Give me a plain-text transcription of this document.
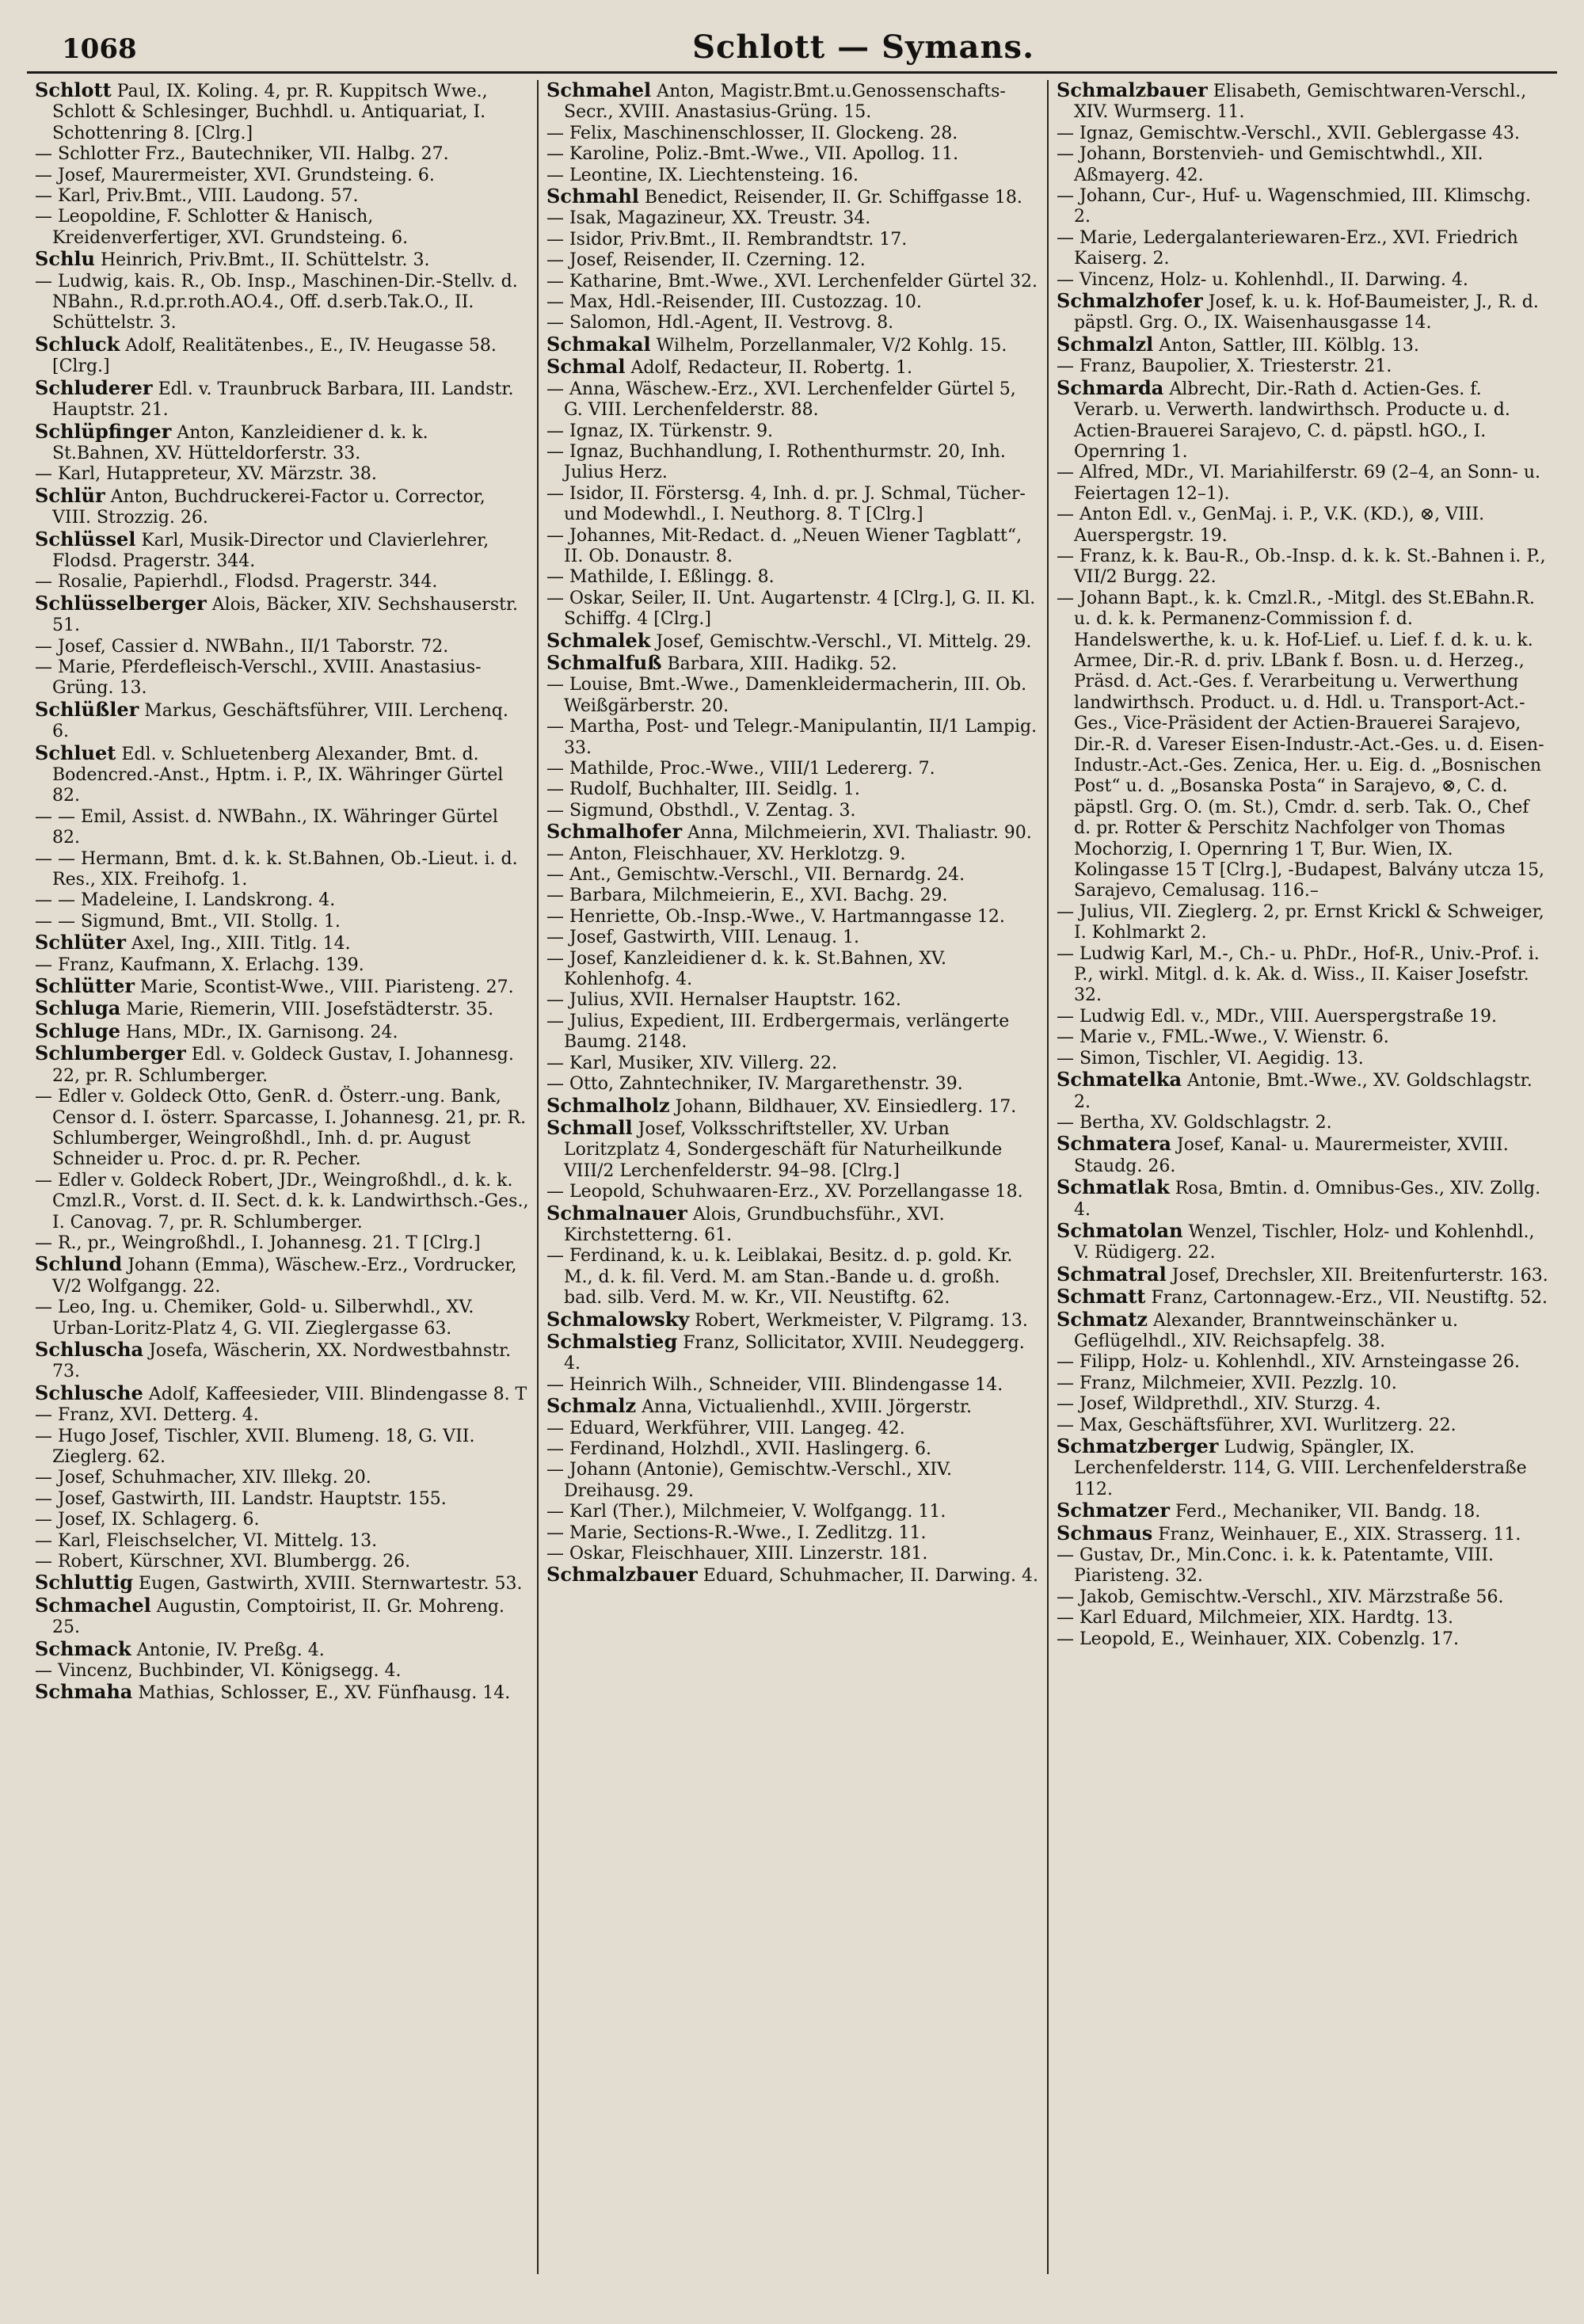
1068	Schlott — Symans.

Schlott Paul, IX. Koling. 4, pr. R. Kuppitsch Wwe., Schlott & Schlesinger, Buchhdl. u. Antiquariat, I. Schottenring 8. [Clrg.]

— Schlotter Frz., Bautechniker, VII. Halbg. 27.

— Josef, Maurermeister, XVI. Grundsteing. 6.

— Karl, Priv.Bmt., VIII. Laudong. 57.

— Leopoldine, F. Schlotter & Hanisch, Kreidenverfertiger, XVI. Grundsteing. 6.

Schlu Heinrich, Priv.Bmt., II. Schüttelstr. 3.

— Ludwig, kais. R., Ob. Insp., Maschinen-Dir.-Stellv. d. NBahn., R.d.pr.roth.AO.4., Off. d.serb.Tak.O., II. Schüttelstr. 3.

Schluck Adolf, Realitätenbes., E., IV. Heugasse 58. [Clrg.]

Schluderer Edl. v. Traunbruck Barbara, III. Landstr. Hauptstr. 21.

Schlüpfinger Anton, Kanzleidiener d. k. k. St.Bahnen, XV. Hütteldorferstr. 33.

— Karl, Hutappreteur, XV. Märzstr. 38.

Schlür Anton, Buchdruckerei-Factor u. Corrector, VIII. Strozzig. 26.

Schlüssel Karl, Musik-Director und Clavierlehrer, Flodsd. Pragerstr. 344.

— Rosalie, Papierhdl., Flodsd. Pragerstr. 344.

Schlüsselberger Alois, Bäcker, XIV. Sechshauserstr. 51.

— Josef, Cassier d. NWBahn., II/1 Taborstr. 72.

— Marie, Pferdefleisch-Verschl., XVIII. Anastasius-Grüng. 13.

Schlüßler Markus, Geschäftsführer, VIII. Lerchenq. 6.

Schluet Edl. v. Schluetenberg Alexander, Bmt. d. Bodencred.-Anst., Hptm. i. P., IX. Währinger Gürtel 82.

— — Emil, Assist. d. NWBahn., IX. Währinger Gürtel 82.

— — Hermann, Bmt. d. k. k. St.Bahnen, Ob.-Lieut. i. d. Res., XIX. Freihofg. 1.

— — Madeleine, I. Landskrong. 4.

— — Sigmund, Bmt., VII. Stollg. 1.

Schlüter Axel, Ing., XIII. Titlg. 14.

— Franz, Kaufmann, X. Erlachg. 139.

Schlütter Marie, Scontist-Wwe., VIII. Piaristeng. 27.

Schluga Marie, Riemerin, VIII. Josefstädterstr. 35.

Schluge Hans, MDr., IX. Garnisong. 24.

Schlumberger Edl. v. Goldeck Gustav, I. Johannesg. 22, pr. R. Schlumberger.

— Edler v. Goldeck Otto, GenR. d. Österr.-ung. Bank, Censor d. I. österr. Sparcasse, I. Johannesg. 21, pr. R. Schlumberger, Weingroßhdl., Inh. d. pr. August Schneider u. Proc. d. pr. R. Pecher.

— Edler v. Goldeck Robert, JDr., Weingroßhdl., d. k. k. Cmzl.R., Vorst. d. II. Sect. d. k. k. Landwirthsch.-Ges., I. Canovag. 7, pr. R. Schlumberger.

— R., pr., Weingroßhdl., I. Johannesg. 21. T [Clrg.]

Schlund Johann (Emma), Wäschew.-Erz., Vordrucker, V/2 Wolfgangg. 22.

— Leo, Ing. u. Chemiker, Gold- u. Silberwhdl., XV. Urban-Loritz-Platz 4, G. VII. Zieglergasse 63.

Schluscha Josefa, Wäscherin, XX. Nordwestbahnstr. 73.

Schlusche Adolf, Kaffeesieder, VIII. Blindengasse 8. T

— Franz, XVI. Detterg. 4.

— Hugo Josef, Tischler, XVII. Blumeng. 18, G. VII. Zieglerg. 62.

— Josef, Schuhmacher, XIV. Illekg. 20.

— Josef, Gastwirth, III. Landstr. Hauptstr. 155.

— Josef, IX. Schlagerg. 6.

— Karl, Fleischselcher, VI. Mittelg. 13.

— Robert, Kürschner, XVI. Blumbergg. 26.

Schluttig Eugen, Gastwirth, XVIII. Sternwartestr. 53.

Schmachel Augustin, Comptoirist, II. Gr. Mohreng. 25.

Schmack Antonie, IV. Preßg. 4.

— Vincenz, Buchbinder, VI. Königsegg. 4.

Schmaha Mathias, Schlosser, E., XV. Fünfhausg. 14.

Schmahel Anton, Magistr.Bmt.u.Genossenschafts-Secr., XVIII. Anastasius-Grüng. 15.

— Felix, Maschinenschlosser, II. Glockeng. 28.

— Karoline, Poliz.-Bmt.-Wwe., VII. Apollog. 11.

— Leontine, IX. Liechtensteing. 16.

Schmahl Benedict, Reisender, II. Gr. Schiffgasse 18.

— Isak, Magazineur, XX. Treustr. 34.

— Isidor, Priv.Bmt., II. Rembrandtstr. 17.

— Josef, Reisender, II. Czerning. 12.

— Katharine, Bmt.-Wwe., XVI. Lerchenfelder Gürtel 32.

— Max, Hdl.-Reisender, III. Custozzag. 10.

— Salomon, Hdl.-Agent, II. Vestrovg. 8.

Schmakal Wilhelm, Porzellanmaler, V/2 Kohlg. 15.

Schmal Adolf, Redacteur, II. Robertg. 1.

— Anna, Wäschew.-Erz., XVI. Lerchenfelder Gürtel 5, G. VIII. Lerchenfelderstr. 88.

— Ignaz, IX. Türkenstr. 9.

— Ignaz, Buchhandlung, I. Rothenthurmstr. 20, Inh. Julius Herz.

— Isidor, II. Förstersg. 4, Inh. d. pr. J. Schmal, Tücher- und Modewhdl., I. Neuthorg. 8. T [Clrg.]

— Johannes, Mit-Redact. d. „Neuen Wiener Tagblatt“, II. Ob. Donaustr. 8.

— Mathilde, I. Eßlingg. 8.

— Oskar, Seiler, II. Unt. Augartenstr. 4 [Clrg.], G. II. Kl. Schiffg. 4 [Clrg.]

Schmalek Josef, Gemischtw.-Verschl., VI. Mittelg. 29.

Schmalfuß Barbara, XIII. Hadikg. 52.

— Louise, Bmt.-Wwe., Damenkleidermacherin, III. Ob. Weißgärberstr. 20.

— Martha, Post- und Telegr.-Manipulantin, II/1 Lampig. 33.

— Mathilde, Proc.-Wwe., VIII/1 Ledererg. 7.

— Rudolf, Buchhalter, III. Seidlg. 1.

— Sigmund, Obsthdl., V. Zentag. 3.

Schmalhofer Anna, Milchmeierin, XVI. Thaliastr. 90.

— Anton, Fleischhauer, XV. Herklotzg. 9.

— Ant., Gemischtw.-Verschl., VII. Bernardg. 24.

— Barbara, Milchmeierin, E., XVI. Bachg. 29.

— Henriette, Ob.-Insp.-Wwe., V. Hartmanngasse 12.

— Josef, Gastwirth, VIII. Lenaug. 1.

— Josef, Kanzleidiener d. k. k. St.Bahnen, XV. Kohlenhofg. 4.

— Julius, XVII. Hernalser Hauptstr. 162.

— Julius, Expedient, III. Erdbergermais, verlängerte Baumg. 2148.

— Karl, Musiker, XIV. Villerg. 22.

— Otto, Zahntechniker, IV. Margarethenstr. 39.

Schmalholz Johann, Bildhauer, XV. Einsiedlerg. 17.

Schmall Josef, Volksschriftsteller, XV. Urban Loritzplatz 4, Sondergeschäft für Naturheilkunde VIII/2 Lerchenfelderstr. 94–98. [Clrg.]

— Leopold, Schuhwaaren-Erz., XV. Porzellangasse 18.

Schmalnauer Alois, Grundbuchsführ., XVI. Kirchstetterng. 61.

— Ferdinand, k. u. k. Leiblakai, Besitz. d. p. gold. Kr. M., d. k. fil. Verd. M. am Stan.-Bande u. d. großh. bad. silb. Verd. M. w. Kr., VII. Neustiftg. 62.

Schmalowsky Robert, Werkmeister, V. Pilgramg. 13.

Schmalstieg Franz, Sollicitator, XVIII. Neudeggerg. 4.

— Heinrich Wilh., Schneider, VIII. Blindengasse 14.

Schmalz Anna, Victualienhdl., XVIII. Jörgerstr.

— Eduard, Werkführer, VIII. Langeg. 42.

— Ferdinand, Holzhdl., XVII. Haslingerg. 6.

— Johann (Antonie), Gemischtw.-Verschl., XIV. Dreihausg. 29.

— Karl (Ther.), Milchmeier, V. Wolfgangg. 11.

— Marie, Sections-R.-Wwe., I. Zedlitzg. 11.

— Oskar, Fleischhauer, XIII. Linzerstr. 181.

Schmalzbauer Eduard, Schuhmacher, II. Darwing. 4.

Schmalzbauer Elisabeth, Gemischtwaren-Verschl., XIV. Wurmserg. 11.

— Ignaz, Gemischtw.-Verschl., XVII. Geblergasse 43.

— Johann, Borstenvieh- und Gemischtwhdl., XII. Aßmayerg. 42.

— Johann, Cur-, Huf- u. Wagenschmied, III. Klimschg. 2.

— Marie, Ledergalanteriewaren-Erz., XVI. Friedrich Kaiserg. 2.

— Vincenz, Holz- u. Kohlenhdl., II. Darwing. 4.

Schmalzhofer Josef, k. u. k. Hof-Baumeister, J., R. d. päpstl. Grg. O., IX. Waisenhausgasse 14.

Schmalzl Anton, Sattler, III. Kölblg. 13.

— Franz, Baupolier, X. Triesterstr. 21.

Schmarda Albrecht, Dir.-Rath d. Actien-Ges. f. Verarb. u. Verwerth. landwirthsch. Producte u. d. Actien-Brauerei Sarajevo, C. d. päpstl. hGO., I. Opernring 1.

— Alfred, MDr., VI. Mariahilferstr. 69 (2–4, an Sonn- u. Feiertagen 12–1).

— Anton Edl. v., GenMaj. i. P., V.K. (KD.), ⊗, VIII. Auerspergstr. 19.

— Franz, k. k. Bau-R., Ob.-Insp. d. k. k. St.-Bahnen i. P., VII/2 Burgg. 22.

— Johann Bapt., k. k. Cmzl.R., -Mitgl. des St.EBahn.R. u. d. k. k. Permanenz-Commission f. d. Handelswerthe, k. u. k. Hof-Lief. u. Lief. f. d. k. u. k. Armee, Dir.-R. d. priv. LBank f. Bosn. u. d. Herzeg., Präsd. d. Act.-Ges. f. Verarbeitung u. Verwerthung landwirthsch. Product. u. d. Hdl. u. Transport-Act.-Ges., Vice-Präsident der Actien-Brauerei Sarajevo, Dir.-R. d. Vareser Eisen-Industr.-Act.-Ges. u. d. Eisen-Industr.-Act.-Ges. Zenica, Her. u. Eig. d. „Bosnischen Post“ u. d. „Bosanska Posta“ in Sarajevo, ⊗, C. d. päpstl. Grg. O. (m. St.), Cmdr. d. serb. Tak. O., Chef d. pr. Rotter & Perschitz Nachfolger von Thomas Mochorzig, I. Opernring 1 T, Bur. Wien, IX. Kolingasse 15 T [Clrg.], -Budapest, Balvány utcza 15, Sarajevo, Cemalusag. 116.–

— Julius, VII. Zieglerg. 2, pr. Ernst Krickl & Schweiger, I. Kohlmarkt 2.

— Ludwig Karl, M.-, Ch.- u. PhDr., Hof-R., Univ.-Prof. i. P., wirkl. Mitgl. d. k. Ak. d. Wiss., II. Kaiser Josefstr. 32.

— Ludwig Edl. v., MDr., VIII. Auerspergstraße 19.

— Marie v., FML.-Wwe., V. Wienstr. 6.

— Simon, Tischler, VI. Aegidig. 13.

Schmatelka Antonie, Bmt.-Wwe., XV. Goldschlagstr. 2.

— Bertha, XV. Goldschlagstr. 2.

Schmatera Josef, Kanal- u. Maurermeister, XVIII. Staudg. 26.

Schmatlak Rosa, Bmtin. d. Omnibus-Ges., XIV. Zollg. 4.

Schmatolan Wenzel, Tischler, Holz- und Kohlenhdl., V. Rüdigerg. 22.

Schmatral Josef, Drechsler, XII. Breitenfurterstr. 163.

Schmatt Franz, Cartonnagew.-Erz., VII. Neustiftg. 52.

Schmatz Alexander, Branntweinschänker u. Geflügelhdl., XIV. Reichsapfelg. 38.

— Filipp, Holz- u. Kohlenhdl., XIV. Arnsteingasse 26.

— Franz, Milchmeier, XVII. Pezzlg. 10.

— Josef, Wildprethdl., XIV. Sturzg. 4.

— Max, Geschäftsführer, XVI. Wurlitzerg. 22.

Schmatzberger Ludwig, Spängler, IX. Lerchenfelderstr. 114, G. VIII. Lerchenfelderstraße 112.

Schmatzer Ferd., Mechaniker, VII. Bandg. 18.

Schmaus Franz, Weinhauer, E., XIX. Strasserg. 11.

— Gustav, Dr., Min.Conc. i. k. k. Patentamte, VIII. Piaristeng. 32.

— Jakob, Gemischtw.-Verschl., XIV. Märzstraße 56.

— Karl Eduard, Milchmeier, XIX. Hardtg. 13.

— Leopold, E., Weinhauer, XIX. Cobenzlg. 17.
